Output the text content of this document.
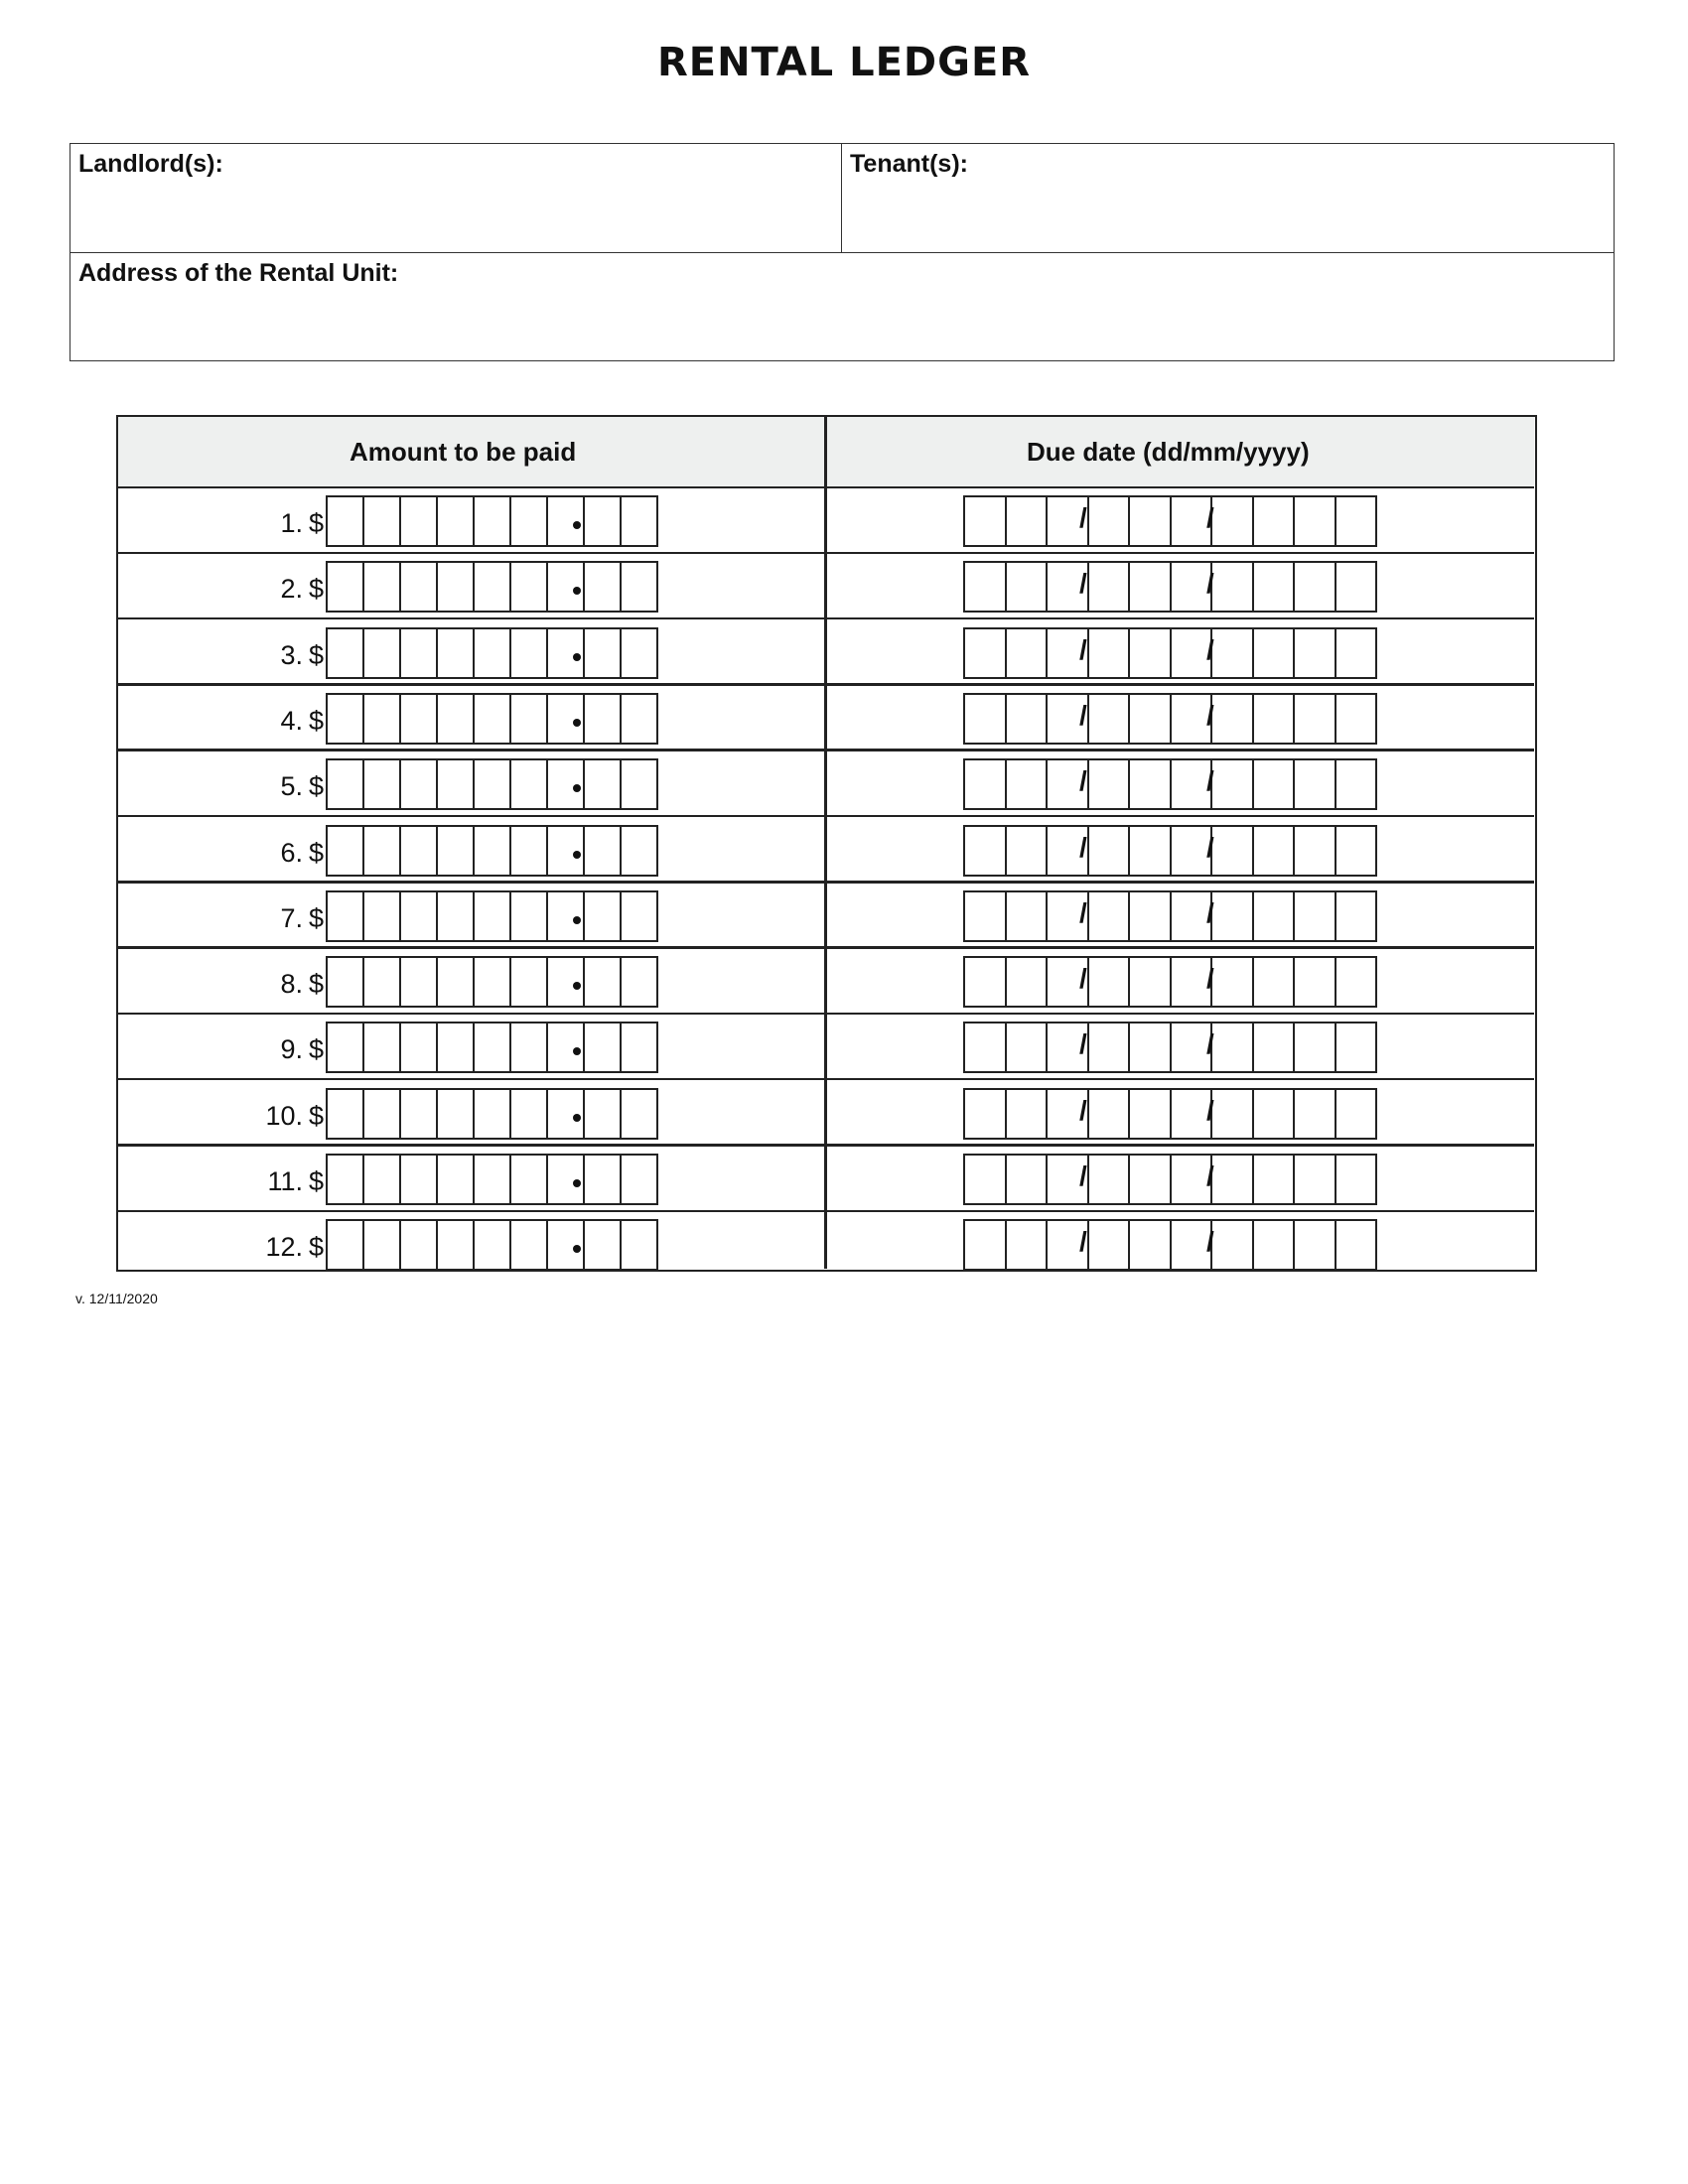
RENTAL LEDGER
Landlord(s):	Tenant(s):
Address of the Rental Unit:
Amount to be paid	Due date (dd/mm/yyyy)
1. $	/	/
2. $	/	/
3. $	/	/
4. $	/	/
5. $	/	/
6. $	/	/
7. $	/	/
8. $	/	/
9. $	/	/
10. $	/	/
11. $	/	/
12. $	/	/
v. 12/11/2020
